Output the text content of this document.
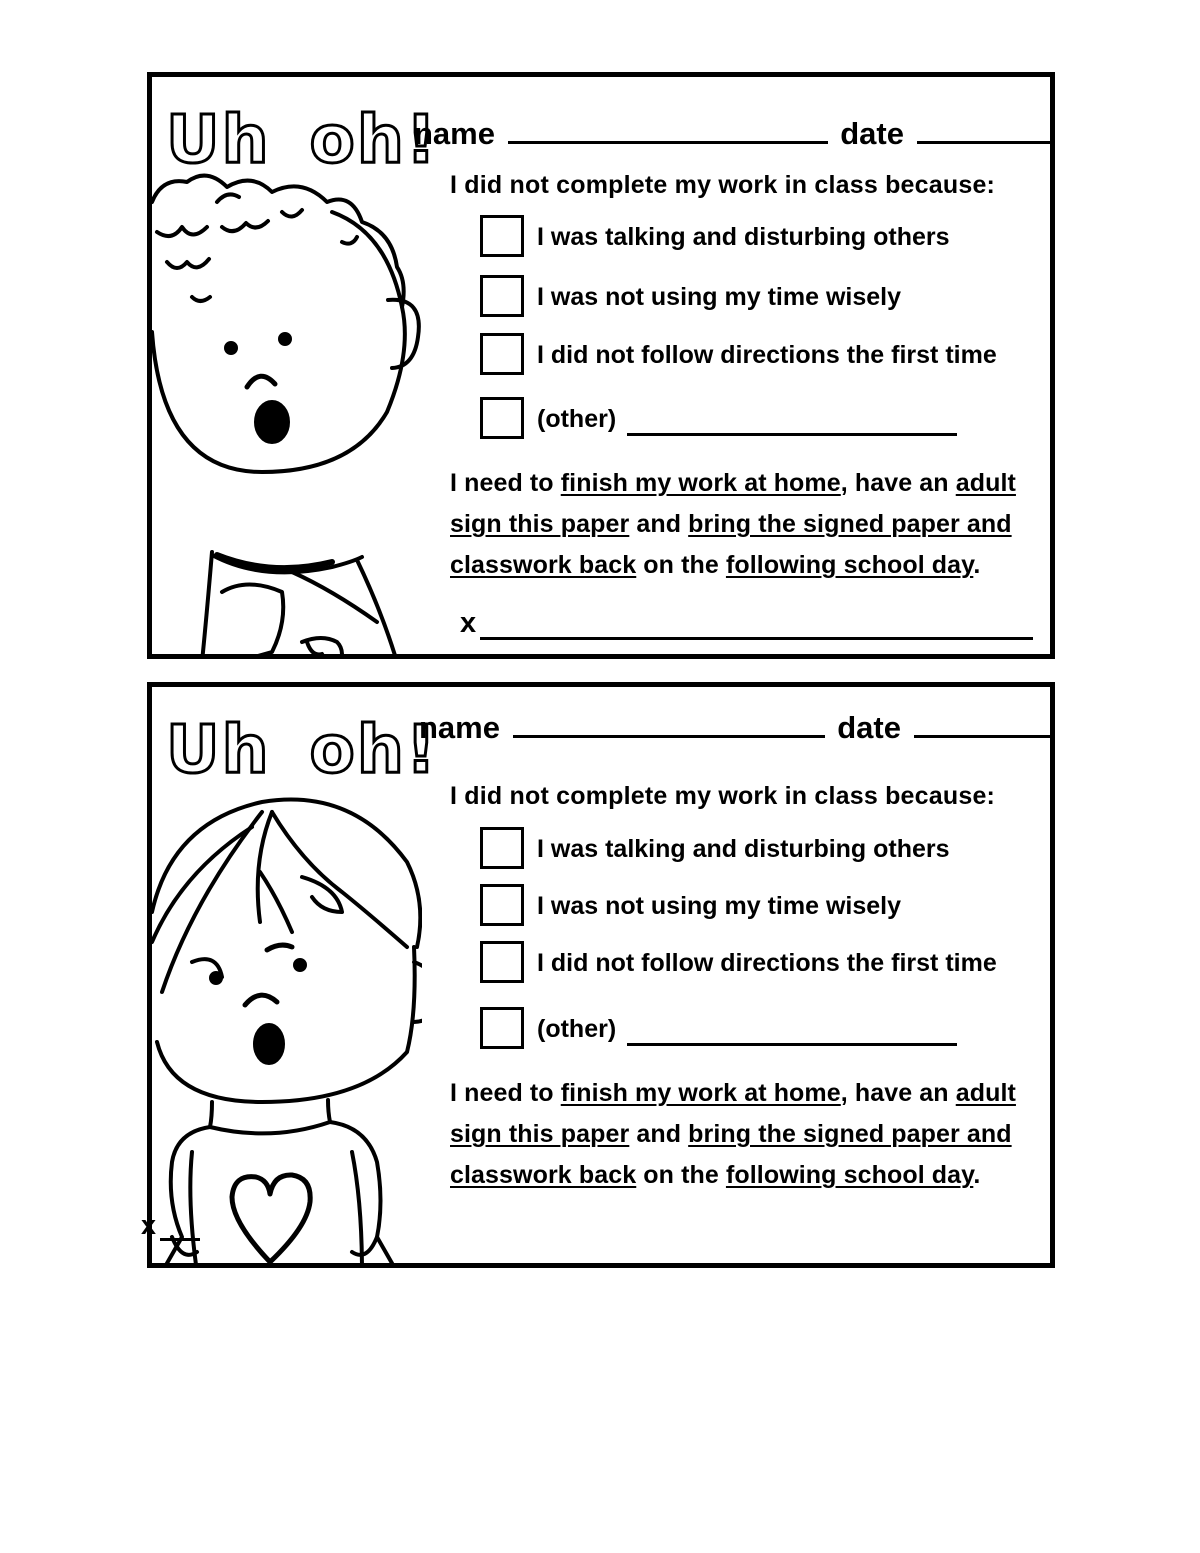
Uh oh!
name	date
I did not complete my work in class because:
I was talking and disturbing others
I was not using my time wisely
I did not follow directions the first time
(other)

I need to finish my work at home, have an adult sign this paper and bring the signed paper and classwork back on the following school day.

x
Uh oh!
name	date
I did not complete my work in class because:
I was talking and disturbing others
I was not using my time wisely
I did not follow directions the first time
(other)

I need to finish my work at home, have an adult sign this paper and bring the signed paper and classwork back on the following school day.

x
